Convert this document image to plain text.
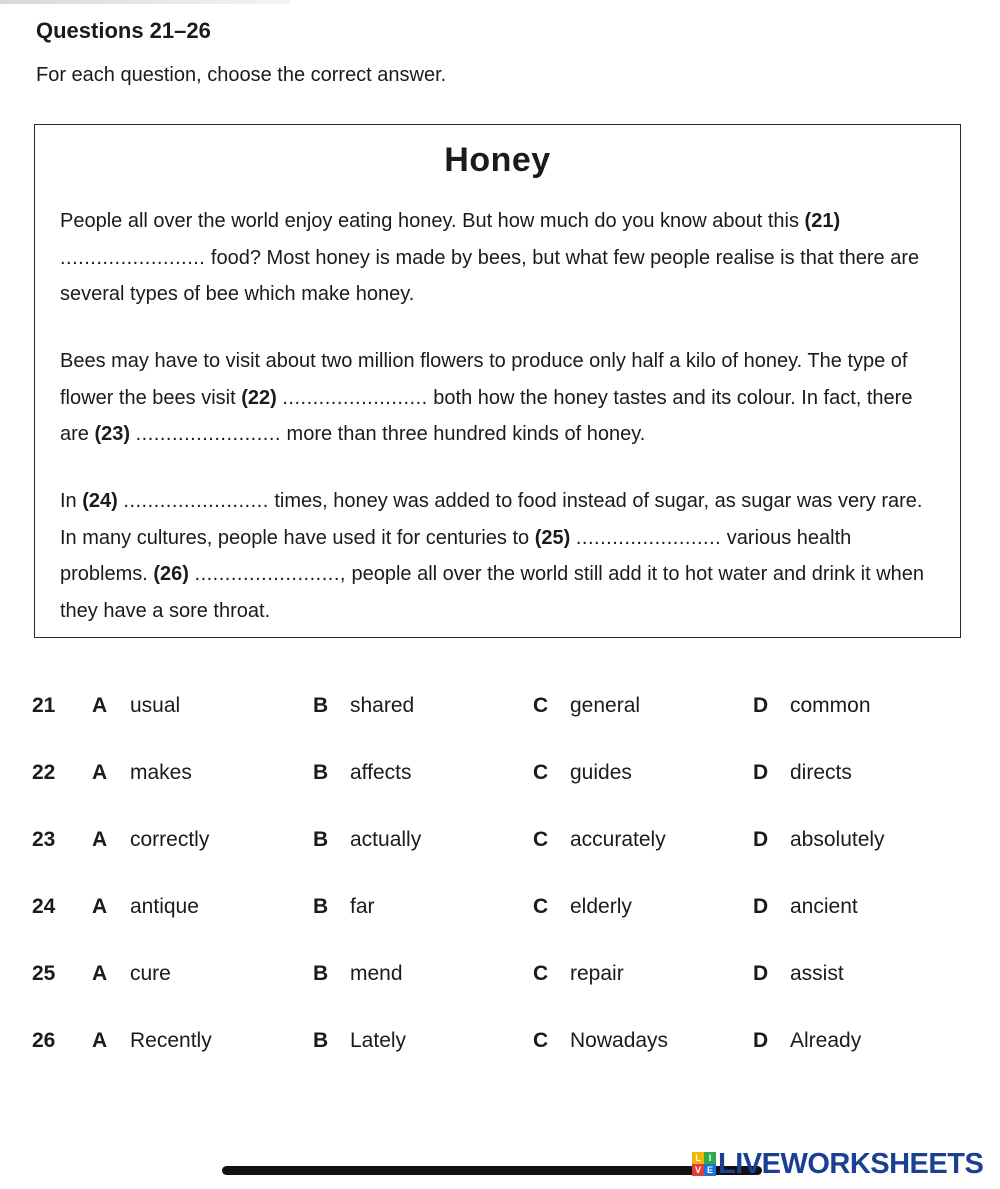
Questions 21–26

For each question, choose the correct answer.

Honey

People all over the world enjoy eating honey. But how much do you know about this (21) ........................ food? Most honey is made by bees, but what few people realise is that there are several types of bee which make honey.

Bees may have to visit about two million flowers to produce only half a kilo of honey. The type of flower the bees visit (22) ........................ both how the honey tastes and its colour. In fact, there are (23) ........................ more than three hundred kinds of honey.

In (24) ........................ times, honey was added to food instead of sugar, as sugar was very rare. In many cultures, people have used it for centuries to (25) ........................ various health problems. (26) ........................, people all over the world still add it to hot water and drink it when they have a sore throat.

21 A usual	B shared	C general	D common
22 A makes	B affects	C guides	D directs
23 A correctly	B actually	C accurately	D absolutely
24 A antique	B far	C elderly	D ancient
25 A cure	B mend	C repair	D assist
26 A Recently	B Lately	C Nowadays	D Already
L I
V E LIVEWORKSHEETS
